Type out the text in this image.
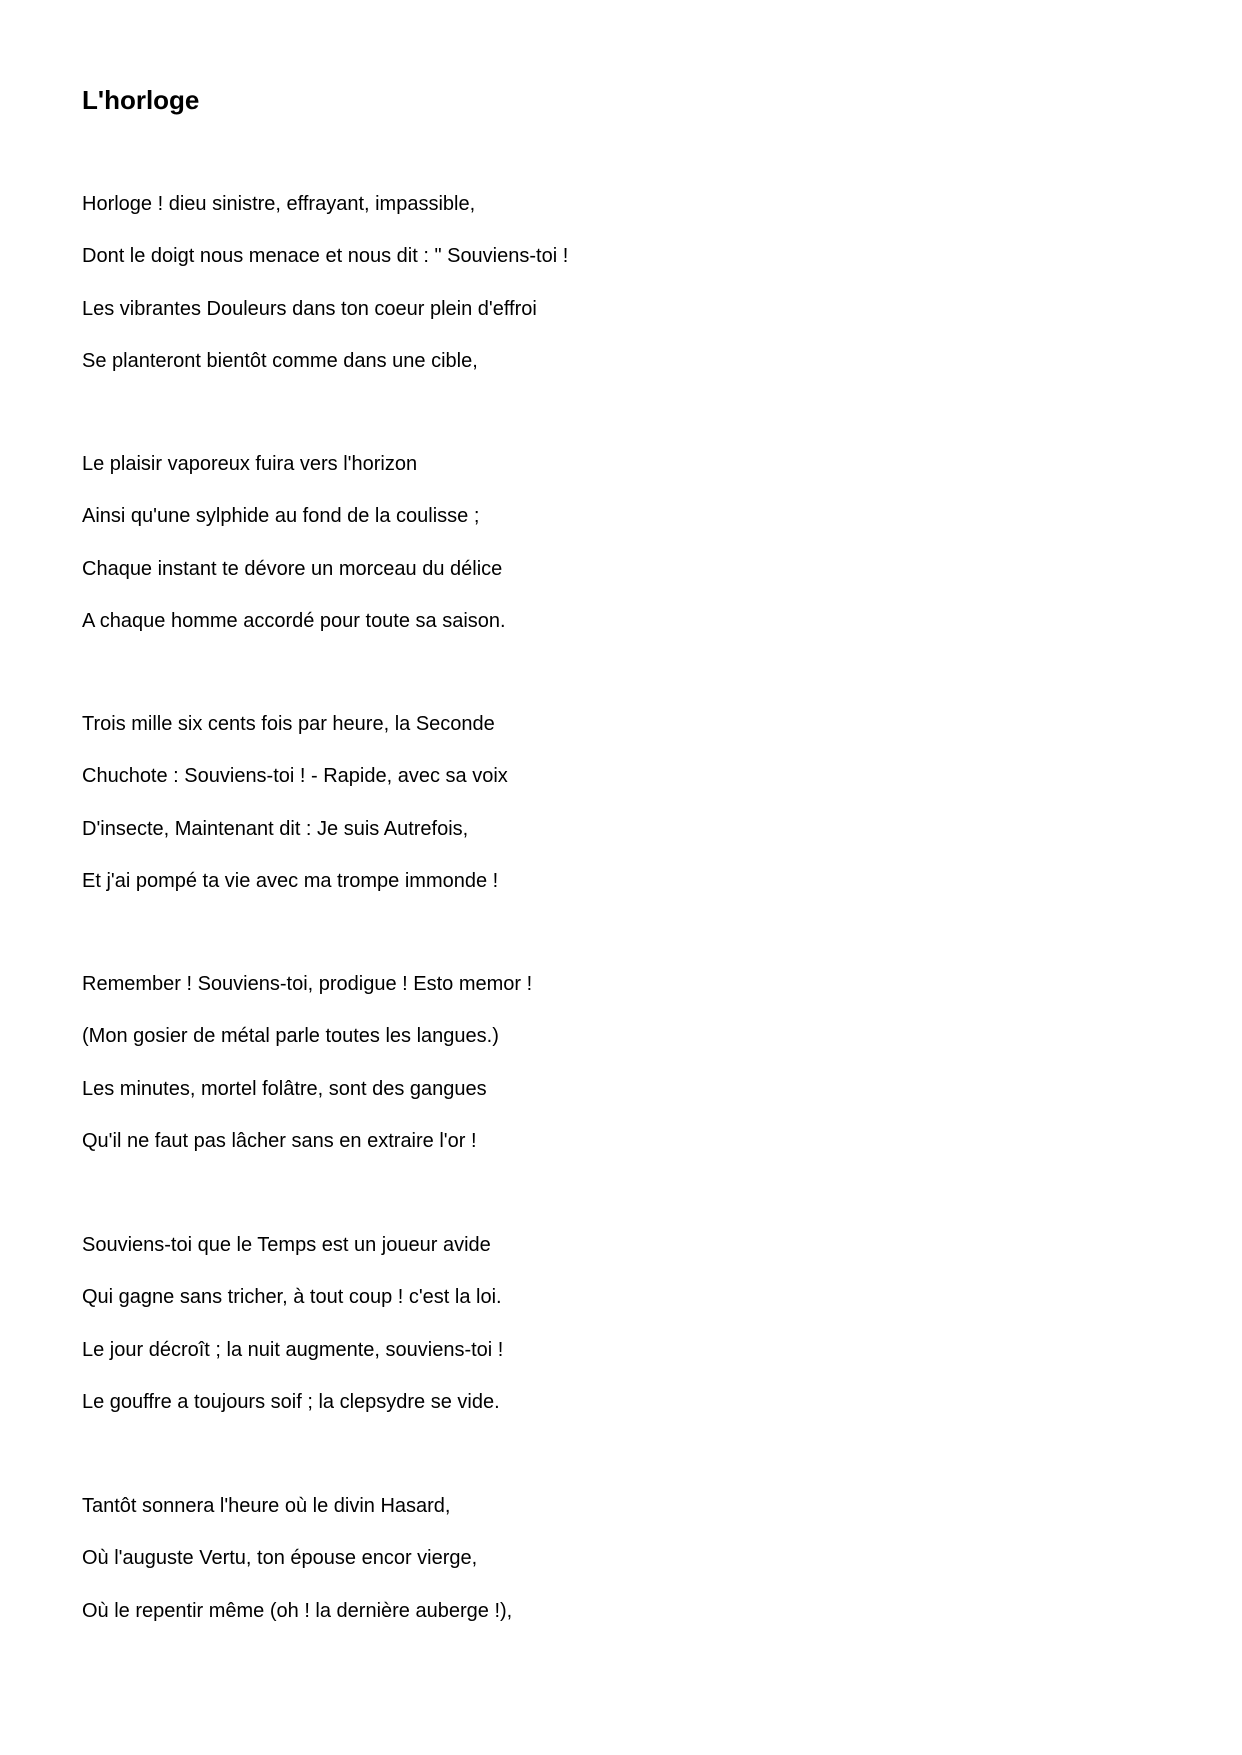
L'horloge

Horloge ! dieu sinistre, effrayant, impassible,

Dont le doigt nous menace et nous dit : " Souviens-toi !

Les vibrantes Douleurs dans ton coeur plein d'effroi

Se planteront bientôt comme dans une cible,

Le plaisir vaporeux fuira vers l'horizon

Ainsi qu'une sylphide au fond de la coulisse ;

Chaque instant te dévore un morceau du délice

A chaque homme accordé pour toute sa saison.

Trois mille six cents fois par heure, la Seconde

Chuchote : Souviens-toi ! - Rapide, avec sa voix

D'insecte, Maintenant dit : Je suis Autrefois,

Et j'ai pompé ta vie avec ma trompe immonde !

Remember ! Souviens-toi, prodigue ! Esto memor !

(Mon gosier de métal parle toutes les langues.)

Les minutes, mortel folâtre, sont des gangues

Qu'il ne faut pas lâcher sans en extraire l'or !

Souviens-toi que le Temps est un joueur avide

Qui gagne sans tricher, à tout coup ! c'est la loi.

Le jour décroît ; la nuit augmente, souviens-toi !

Le gouffre a toujours soif ; la clepsydre se vide.

Tantôt sonnera l'heure où le divin Hasard,

Où l'auguste Vertu, ton épouse encor vierge,

Où le repentir même (oh ! la dernière auberge !),
